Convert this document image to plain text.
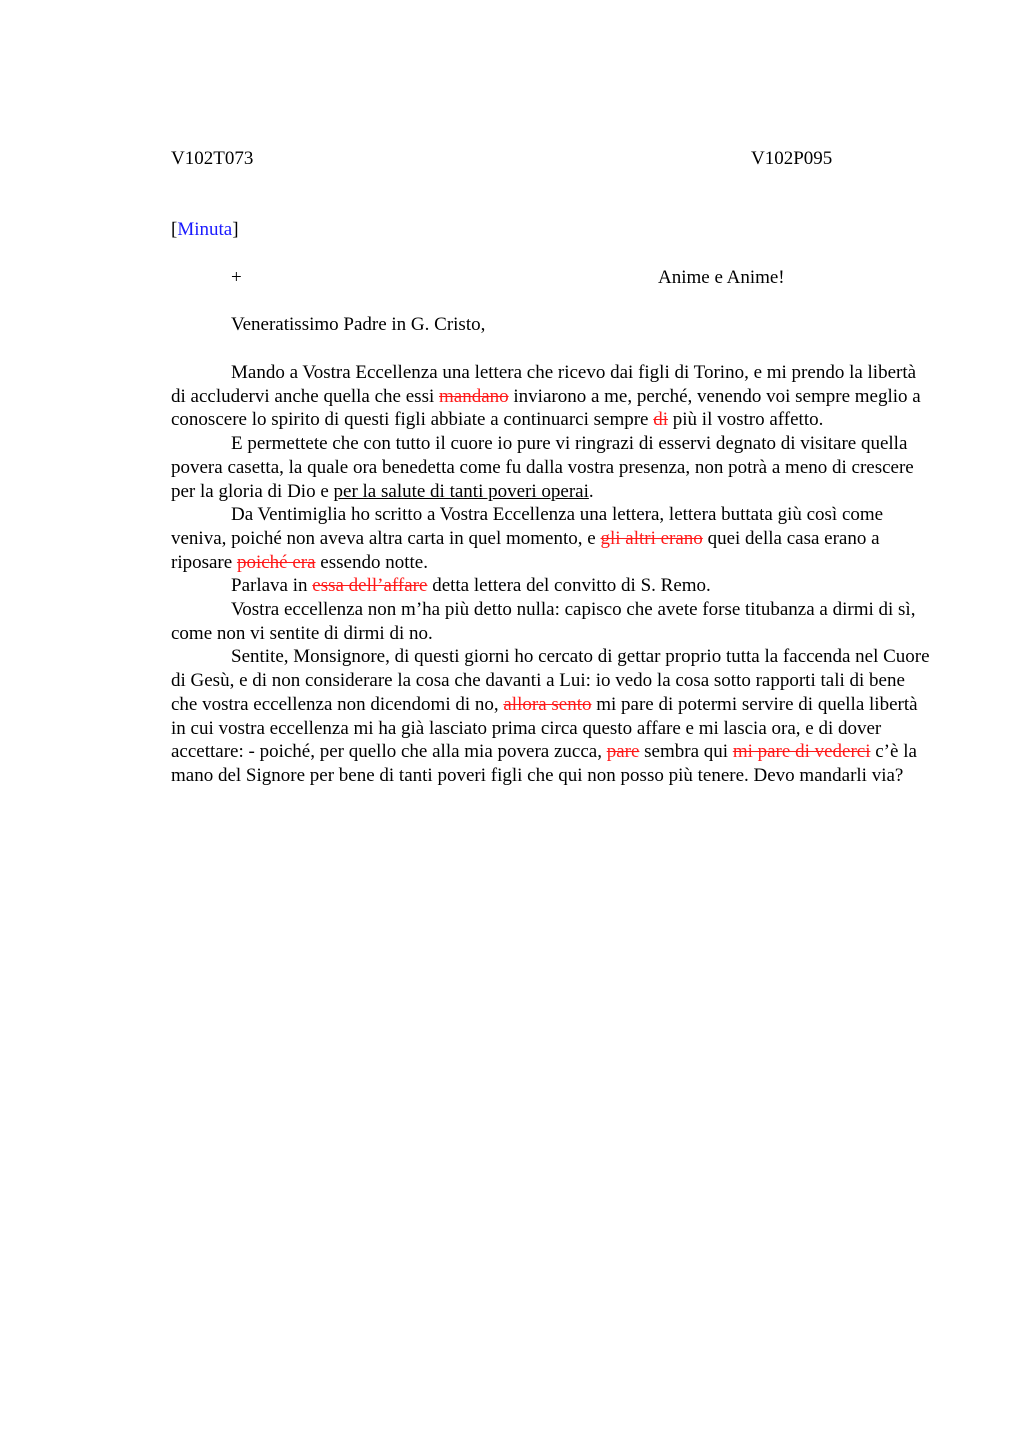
V102T073	V102P095
[Minuta]
+	Anime e Anime!
Veneratissimo Padre in G. Cristo,

Mando a Vostra Eccellenza una lettera che ricevo dai figli di Torino, e mi prendo la libertà di accludervi anche quella che essi mandano inviarono a me, perché, venendo voi sempre meglio a conoscere lo spirito di questi figli abbiate a continuarci sempre di più il vostro affetto.

E permettete che con tutto il cuore io pure vi ringrazi di esservi degnato di visitare quella povera casetta, la quale ora benedetta come fu dalla vostra presenza, non potrà a meno di crescere per la gloria di Dio e per la salute di tanti poveri operai.

Da Ventimiglia ho scritto a Vostra Eccellenza una lettera, lettera buttata giù così come veniva, poiché non aveva altra carta in quel momento, e gli altri erano quei della casa erano a riposare poiché era essendo notte.

Parlava in essa dell’affare detta lettera del convitto di S. Remo.

Vostra eccellenza non m’ha più detto nulla: capisco che avete forse titubanza a dirmi di sì, come non vi sentite di dirmi di no.

Sentite, Monsignore, di questi giorni ho cercato di gettar proprio tutta la faccenda nel Cuore di Gesù, e di non considerare la cosa che davanti a Lui: io vedo la cosa sotto rapporti tali di bene che vostra eccellenza non dicendomi di no, allora sento mi pare di potermi servire di quella libertà in cui vostra eccellenza mi ha già lasciato prima circa questo affare e mi lascia ora, e di dover accettare: - poiché, per quello che alla mia povera zucca, pare sembra qui mi pare di vederci c’è la mano del Signore per bene di tanti poveri figli che qui non posso più tenere. Devo mandarli via?
